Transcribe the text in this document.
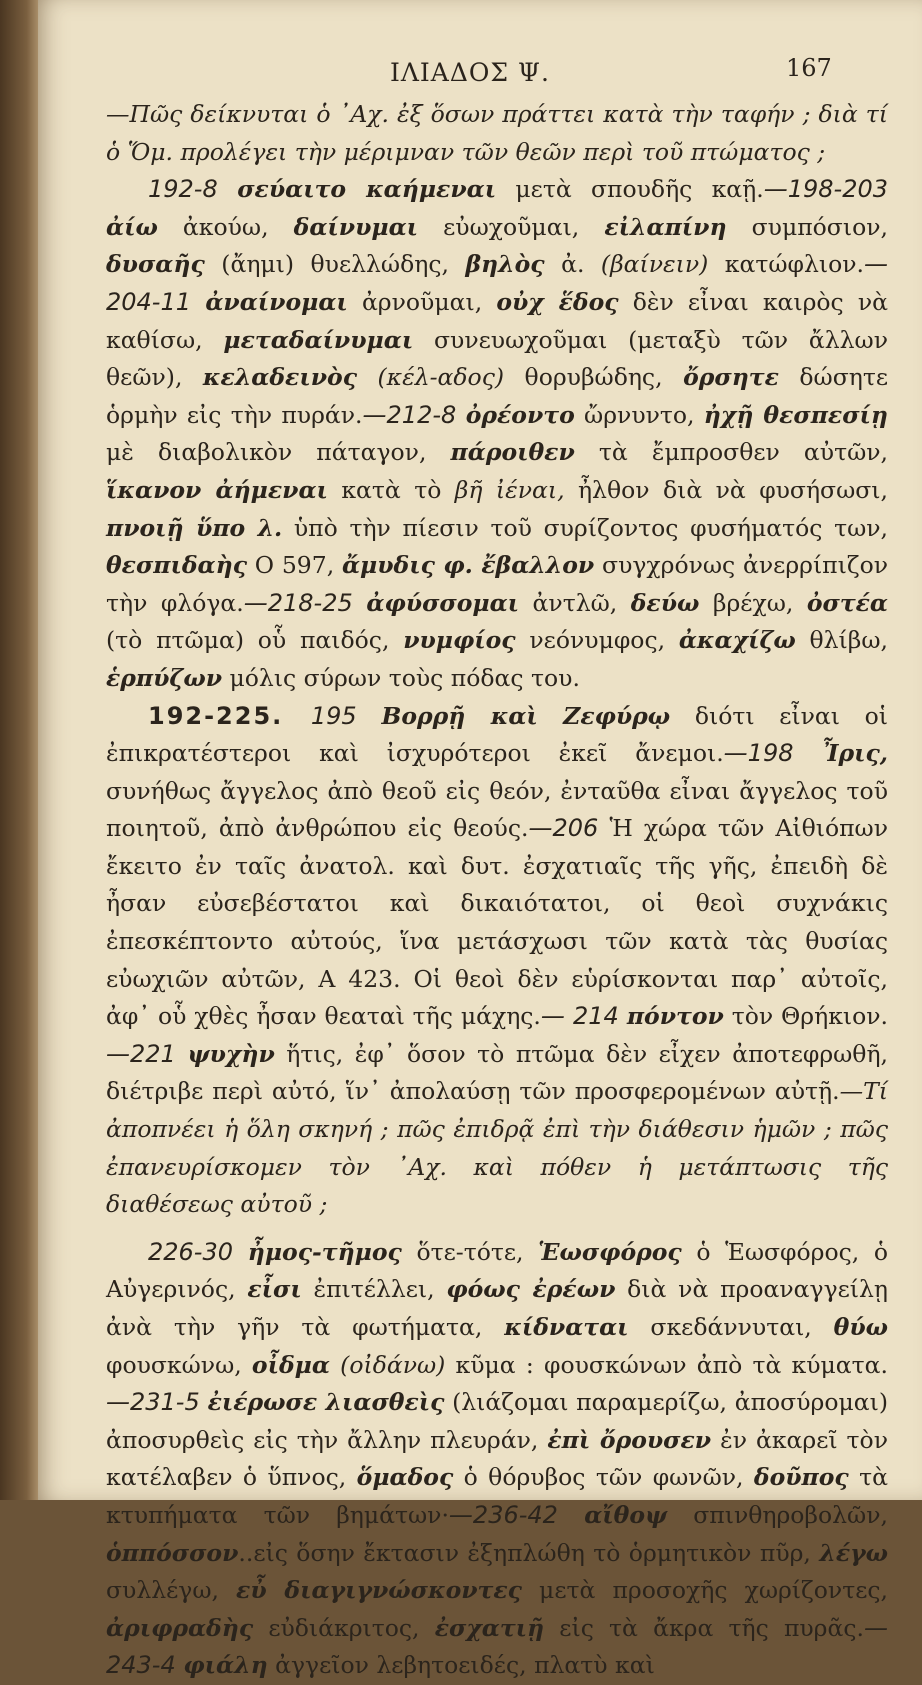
ΙΛΙΑΔΟΣ Ψ.	167

—Πῶς δείκνυται ὁ ᾿Αχ. ἐξ ὅσων πράττει κατὰ τὴν ταφήν ; διὰ τί ὁ Ὅμ. προλέγει τὴν μέριμναν τῶν θεῶν περὶ τοῦ πτώματος ;

192-8 σεύαιτο καήμεναι μετὰ σπουδῆς καῇ.—198-203 ἀίω ἀκούω, δαίνυμαι εὐωχοῦμαι, εἰλαπίνη συμπόσιον, δυσαῆς (ἄημι) θυελλώδης, βηλὸς ἀ. (βαίνειν) κατώφλιον.—204-11 ἀναίνομαι ἀρνοῦμαι, οὐχ ἕδος δὲν εἶναι καιρὸς νὰ καθίσω, μεταδαίνυμαι συνευωχοῦμαι (μεταξὺ τῶν ἄλλων θεῶν), κελαδεινὸς (κέλ-αδος) θορυβώδης, ὄρσητε δώσητε ὁρμὴν εἰς τὴν πυράν.—212-8 ὀρέοντο ὤρνυντο, ἠχῇ θεσπεσίῃ μὲ διαβολικὸν πάταγον, πάροιθεν τὰ ἔμπροσθεν αὐτῶν, ἵκανον ἀήμεναι κατὰ τὸ βῆ ἰέναι, ἦλθον διὰ νὰ φυσήσωσι, πνοιῇ ὕπο λ. ὑπὸ τὴν πίεσιν τοῦ συρίζοντος φυσήματός των, θεσπιδαὴς Ο 597, ἄμυδις φ. ἔβαλλον συγχρόνως ἀνερρίπιζον τὴν φλόγα.—218-25 ἀφύσσομαι ἀντλῶ, δεύω βρέχω, ὀστέα (τὸ πτῶμα) οὗ παιδός, νυμφίος νεόνυμφος, ἀκαχίζω θλίβω, ἑρπύζων μόλις σύρων τοὺς πόδας του.

192-225. 195 Βορρῇ καὶ Ζεφύρῳ διότι εἶναι οἱ ἐπικρατέστεροι καὶ ἰσχυρότεροι ἐκεῖ ἄνεμοι.—198 Ἶρις, συνήθως ἄγγελος ἀπὸ θεοῦ εἰς θεόν, ἐνταῦθα εἶναι ἄγγελος τοῦ ποιητοῦ, ἀπὸ ἀνθρώπου εἰς θεούς.—206 Ἡ χώρα τῶν Αἰθιόπων ἔκειτο ἐν ταῖς ἀνατολ. καὶ δυτ. ἐσχατιαῖς τῆς γῆς, ἐπειδὴ δὲ ἦσαν εὐσεβέστατοι καὶ δικαιότατοι, οἱ θεοὶ συχνάκις ἐπεσκέπτοντο αὐτούς, ἵνα μετάσχωσι τῶν κατὰ τὰς θυσίας εὐωχιῶν αὐτῶν, Α 423. Οἱ θεοὶ δὲν εὑρίσκονται παρ᾽ αὐτοῖς, ἀφ᾽ οὗ χθὲς ἦσαν θεαταὶ τῆς μάχης.— 214 πόντον τὸν Θρήκιον.—221 ψυχὴν ἥτις, ἐφ᾽ ὅσον τὸ πτῶμα δὲν εἶχεν ἀποτεφρωθῆ, διέτριβε περὶ αὐτό, ἵν᾽ ἀπολαύσῃ τῶν προσφερομένων αὐτῇ.—Τί ἀποπνέει ἡ ὅλη σκηνή ; πῶς ἐπιδρᾷ ἐπὶ τὴν διάθεσιν ἡμῶν ; πῶς ἐπανευρίσκομεν τὸν ᾿Αχ. καὶ πόθεν ἡ μετάπτωσις τῆς διαθέσεως αὐτοῦ ;

226-30 ἦμος-τῆμος ὅτε-τότε, Ἑωσφόρος ὁ Ἑωσφόρος, ὁ Αὐγερινός, εἶσι ἐπιτέλλει, φόως ἐρέων διὰ νὰ προαναγγείλῃ ἀνὰ τὴν γῆν τὰ φωτήματα, κίδναται σκεδάννυται, θύω φουσκώνω, οἶδμα (οἰδάνω) κῦμα : φουσκώνων ἀπὸ τὰ κύματα.—231-5 ἐιέρωσε λιασθεὶς (λιάζομαι παραμερίζω, ἀποσύρομαι) ἀποσυρθεὶς εἰς τὴν ἄλλην πλευράν, ἐπὶ ὄρουσεν ἐν ἀκαρεῖ τὸν κατέλαβεν ὁ ὕπνος, ὅμαδος ὁ θόρυβος τῶν φωνῶν, δοῦπος τὰ κτυπήματα τῶν βημάτων·—236-42 αἴθοψ σπινθηροβολῶν, ὁππόσσον..εἰς ὅσην ἔκτασιν ἐξηπλώθη τὸ ὁρμητικὸν πῦρ, λέγω συλλέγω, εὖ διαγιγνώσκοντες μετὰ προσοχῆς χωρίζοντες, ἀριφραδὴς εὐδιάκριτος, ἐσχατιῇ εἰς τὰ ἄκρα τῆς πυρᾶς.—243-4 φιάλη ἀγγεῖον λεβητοειδές, πλατὺ καὶ
